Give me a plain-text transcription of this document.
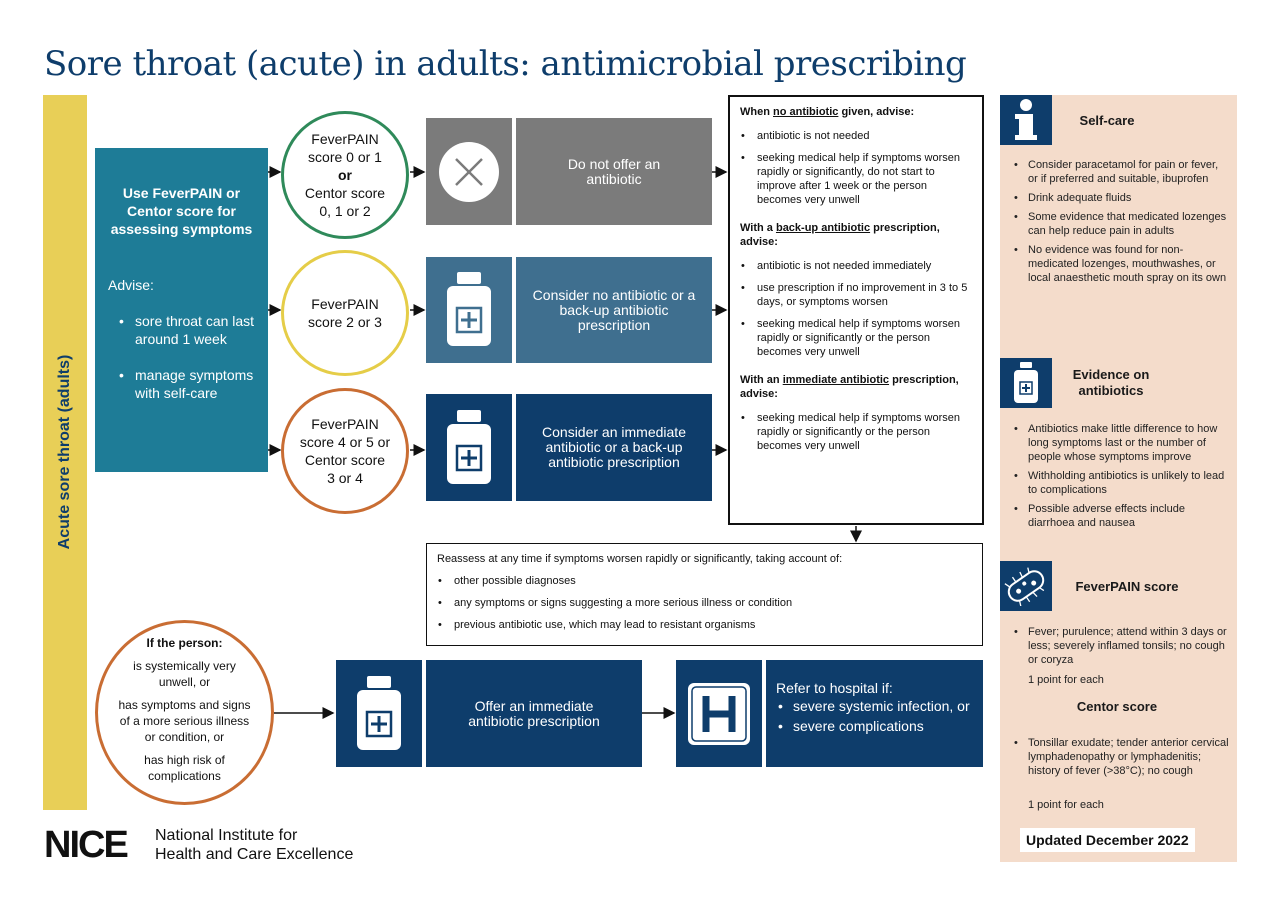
Sore throat (acute) in adults: antimicrobial prescribing
Acute sore throat (adults)
Use FeverPAIN or Centor score for assessing symptoms
Advise:
• sore throat can last around 1 week
• manage symptoms with self-care
FeverPAIN
score 0 or 1
or
Centor score
0, 1 or 2
Do not offer an antibiotic
FeverPAIN
score 2 or 3
Consider no antibiotic or a back-up antibiotic prescription
FeverPAIN
score 4 or 5 or
Centor score
3 or 4
Consider an immediate antibiotic or a back-up antibiotic prescription
When no antibiotic given, advise:
• antibiotic is not needed
• seeking medical help if symptoms worsen rapidly or significantly, do not start to improve after 1 week or the person becomes very unwell
With a back-up antibiotic prescription, advise:
• antibiotic is not needed immediately
• use prescription if no improvement in 3 to 5 days, or symptoms worsen
• seeking medical help if symptoms worsen rapidly or significantly or the person becomes very unwell
With an immediate antibiotic prescription, advise:
• seeking medical help if symptoms worsen rapidly or significantly or the person becomes very unwell
Reassess at any time if symptoms worsen rapidly or significantly, taking account of:
• other possible diagnoses
• any symptoms or signs suggesting a more serious illness or condition
• previous antibiotic use, which may lead to resistant organisms
If the person:
is systemically very unwell, or
has symptoms and signs of a more serious illness or condition, or
has high risk of complications
Offer an immediate antibiotic prescription
Refer to hospital if:
• severe systemic infection, or
• severe complications
Self-care
• Consider paracetamol for pain or fever, or if preferred and suitable, ibuprofen
• Drink adequate fluids
• Some evidence that medicated lozenges can help reduce pain in adults
• No evidence was found for non-medicated lozenges, mouthwashes, or local anaesthetic mouth spray on its own
Evidence on antibiotics
• Antibiotics make little difference to how long symptoms last or the number of people whose symptoms improve
• Withholding antibiotics is unlikely to lead to complications
• Possible adverse effects include diarrhoea and nausea
FeverPAIN score
• Fever; purulence; attend within 3 days or less; severely inflamed tonsils; no cough or coryza
1 point for each
Centor score
• Tonsillar exudate; tender anterior cervical lymphadenopathy or lymphadenitis; history of fever (>38°C); no cough
1 point for each
Updated December 2022
NICE National Institute for
Health and Care Excellence
